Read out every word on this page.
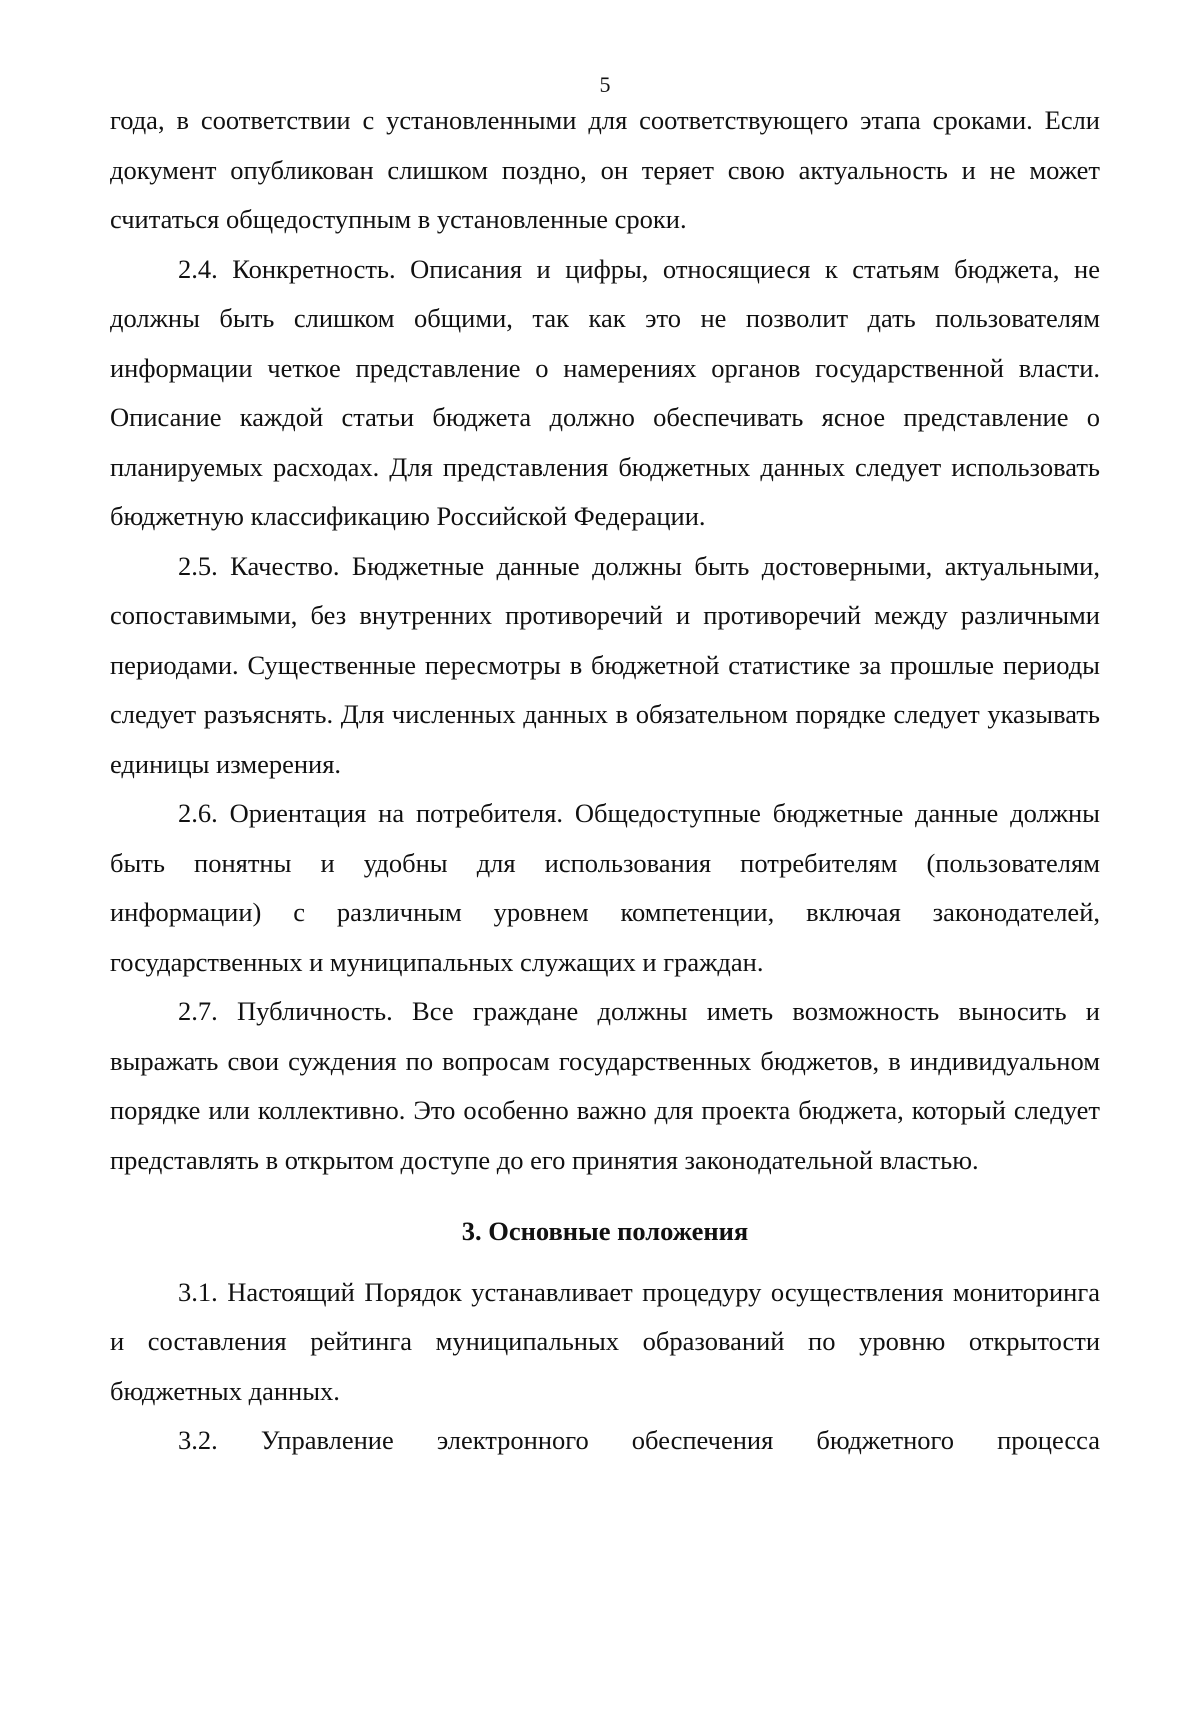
5

года, в соответствии с установленными для соответствующего этапа сроками. Если документ опубликован слишком поздно, он теряет свою актуальность и не может считаться общедоступным в установленные сроки.

2.4. Конкретность. Описания и цифры, относящиеся к статьям бюджета, не должны быть слишком общими, так как это не позволит дать пользователям информации четкое представление о намерениях органов государственной власти. Описание каждой статьи бюджета должно обеспечивать ясное представление о планируемых расходах. Для представления бюджетных данных следует использовать бюджетную классификацию Российской Федерации.

2.5. Качество. Бюджетные данные должны быть достоверными, актуальными, сопоставимыми, без внутренних противоречий и противоречий между различными периодами. Существенные пересмотры в бюджетной статистике за прошлые периоды следует разъяснять. Для численных данных в обязательном порядке следует указывать единицы измерения.

2.6. Ориентация на потребителя. Общедоступные бюджетные данные должны быть понятны и удобны для использования потребителям (пользователям информации) с различным уровнем компетенции, включая законодателей, государственных и муниципальных служащих и граждан.

2.7. Публичность. Все граждане должны иметь возможность выносить и выражать свои суждения по вопросам государственных бюджетов, в индивидуальном порядке или коллективно. Это особенно важно для проекта бюджета, который следует представлять в открытом доступе до его принятия законодательной властью.

3. Основные положения

3.1. Настоящий Порядок устанавливает процедуру осуществления мониторинга и составления рейтинга муниципальных образований по уровню открытости бюджетных данных.

3.2. Управление электронного обеспечения бюджетного процесса
